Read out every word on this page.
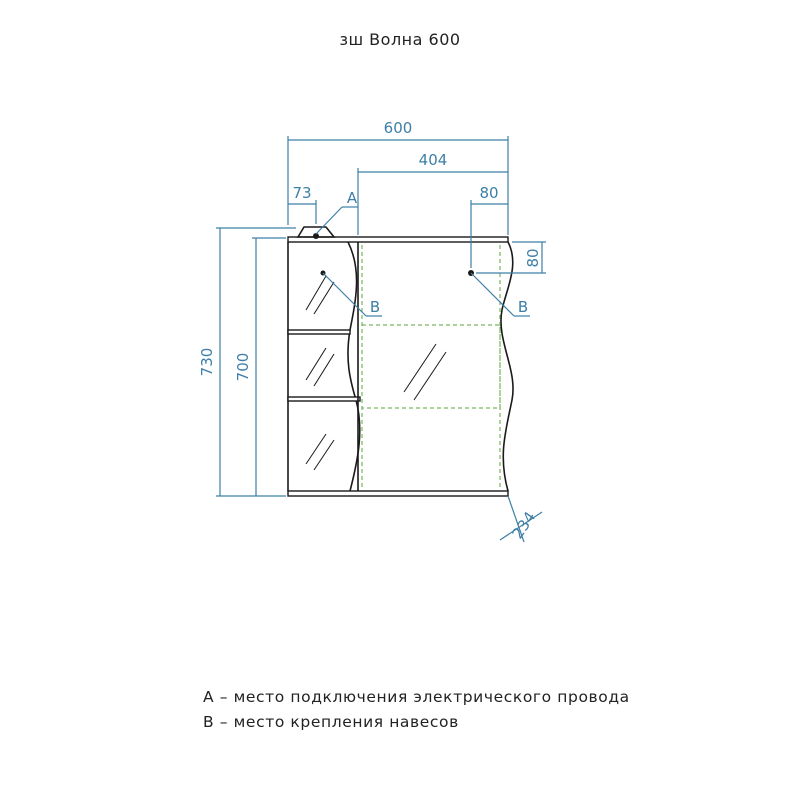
зш Волна 600
600
404
73	80
730 700
80
234
A
B	B
A – место подключения электрического провода
В – место крепления навесов
